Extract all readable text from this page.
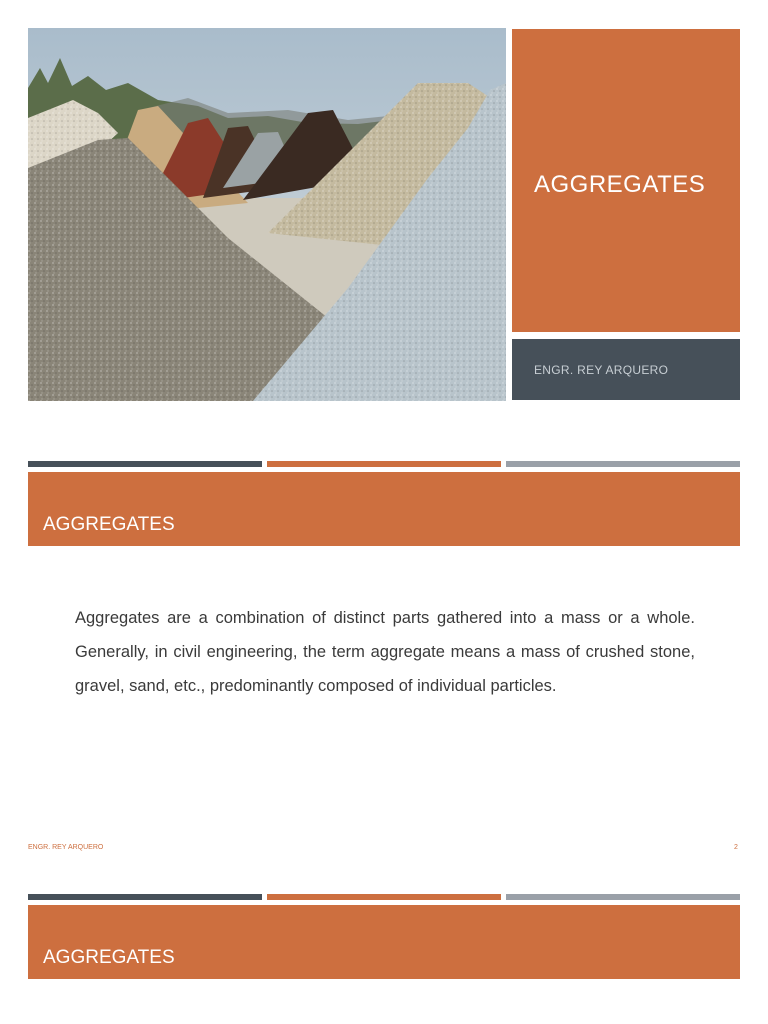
AGGREGATES
ENGR. REY ARQUERO
AGGREGATES
Aggregates are a combination of distinct parts gathered into a mass or a whole. Generally, in civil engineering, the term aggregate means a mass of crushed stone, gravel, sand, etc., predominantly composed of individual particles.
ENGR. REY ARQUERO	2
AGGREGATES
